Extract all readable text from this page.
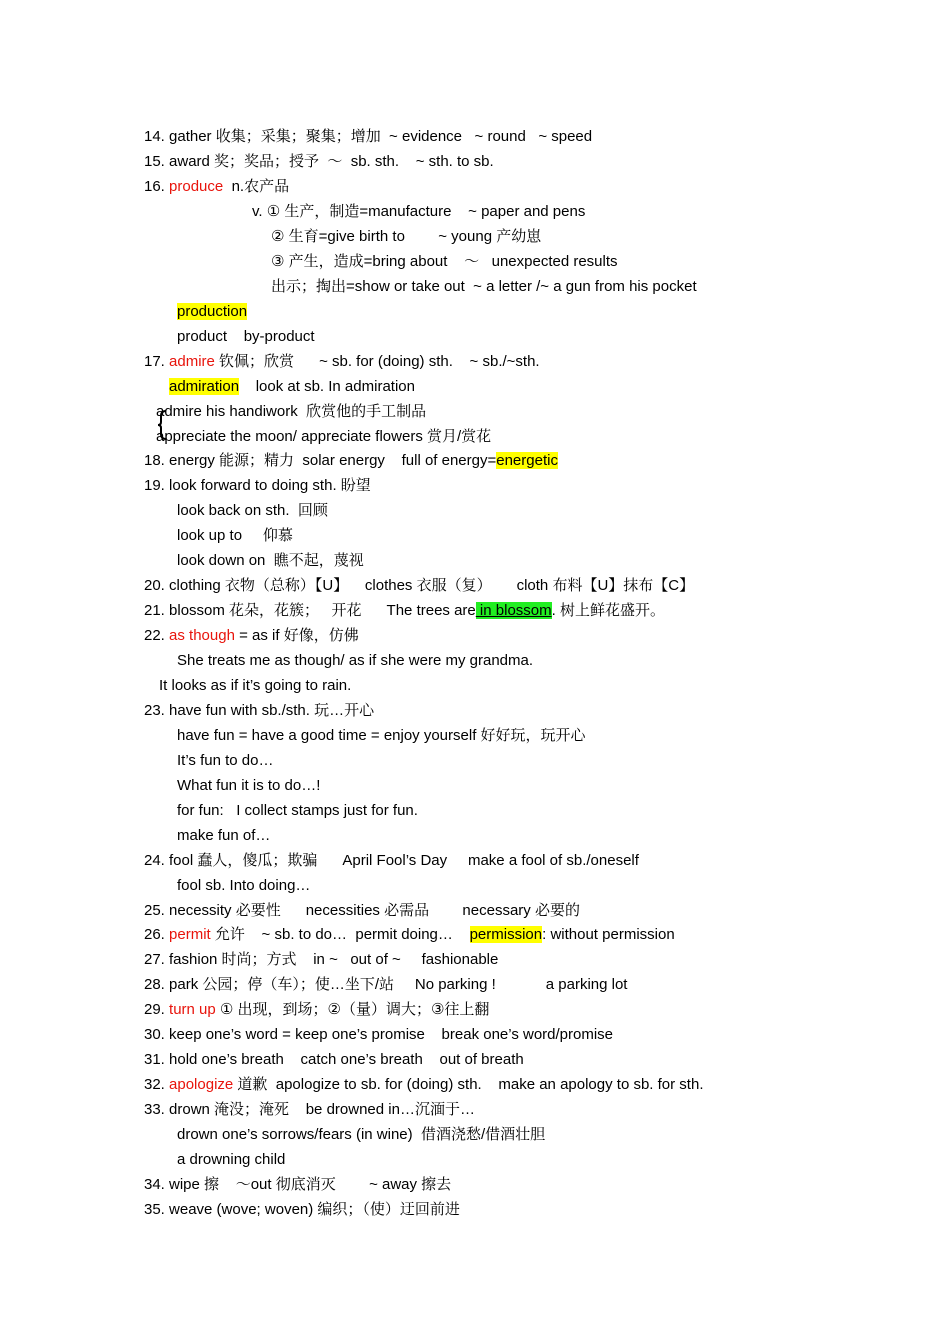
14. gather 收集；采集；聚集；增加  ~ evidence   ~ round   ~ speed
15. award 奖；奖品；授予  ～  sb. sth.    ~ sth. to sb.
16. produce  n.农产品
v. ① 生产，制造=manufacture    ~ paper and pens
② 生育=give birth to        ~ young 产幼崽
③ 产生，造成=bring about    ～   unexpected results
出示；掏出=show or take out  ~ a letter /~ a gun from his pocket
production
product    by-product
17. admire 钦佩；欣赏      ~ sb. for (doing) sth.    ~ sb./~sth.
admiration    look at sb. In admiration
admire his handiwork  欣赏他的手工制品
appreciate the moon/ appreciate flowers 赏月/赏花
18. energy 能源；精力  solar energy    full of energy=energetic
19. look forward to doing sth. 盼望
look back on sth.  回顾
look up to     仰慕
look down on  瞧不起，蔑视
20. clothing 衣物（总称）【U】    clothes 衣服（复）      cloth 布料【U】抹布【C】
21. blossom 花朵，花簇；   开花      The trees are in blossom. 树上鲜花盛开。
22. as though = as if 好像，仿佛
She treats me as though/ as if she were my grandma.
It looks as if it’s going to rain.
23. have fun with sb./sth. 玩…开心
have fun = have a good time = enjoy yourself 好好玩，玩开心
It’s fun to do…
What fun it is to do…!
for fun:   I collect stamps just for fun.
make fun of…
24. fool 蠢人，傻瓜；欺骗      April Fool’s Day     make a fool of sb./oneself
fool sb. Into doing…
25. necessity 必要性      necessities 必需品        necessary 必要的
26. permit 允许    ~ sb. to do…  permit doing…    permission: without permission
27. fashion 时尚；方式    in ~   out of ~     fashionable
28. park 公园；停（车）；使…坐下/站     No parking !            a parking lot
29. turn up ① 出现，到场；②（量）调大；③往上翻
30. keep one’s word = keep one’s promise    break one’s word/promise
31. hold one’s breath    catch one’s breath    out of breath
32. apologize 道歉  apologize to sb. for (doing) sth.    make an apology to sb. for sth.
33. drown 淹没；淹死    be drowned in…沉湎于…
drown one’s sorrows/fears (in wine)  借酒浇愁/借酒壮胆
a drowning child
34. wipe 擦    ～out 彻底消灭        ~ away 擦去
35. weave (wove; woven) 编织；（使）迂回前进
